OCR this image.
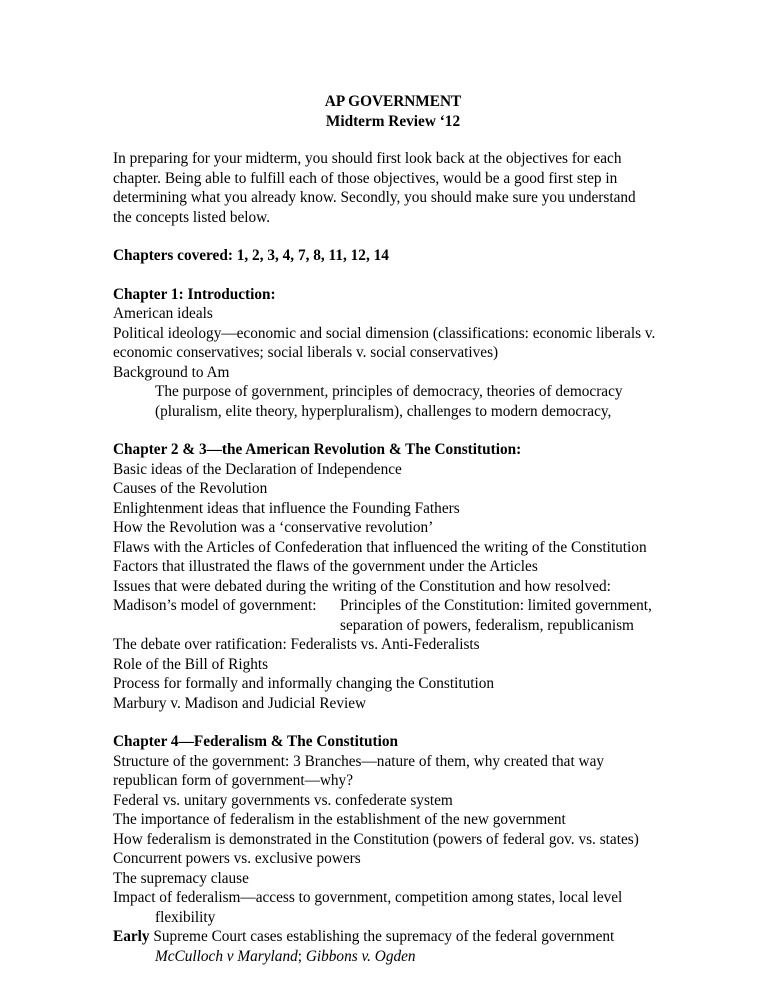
AP GOVERNMENT

Midterm Review ‘12

In preparing for your midterm, you should first look back at the objectives for each

chapter. Being able to fulfill each of those objectives, would be a good first step in

determining what you already know. Secondly, you should make sure you understand

the concepts listed below.

Chapters covered: 1, 2, 3, 4, 7, 8, 11, 12, 14

Chapter 1: Introduction:

American ideals

Political ideology—economic and social dimension (classifications: economic liberals v.

economic conservatives; social liberals v. social conservatives)

Background to Am

The purpose of government, principles of democracy, theories of democracy

(pluralism, elite theory, hyperpluralism), challenges to modern democracy,

Chapter 2 & 3—the American Revolution & The Constitution:

Basic ideas of the Declaration of Independence

Causes of the Revolution

Enlightenment ideas that influence the Founding Fathers

How the Revolution was a ‘conservative revolution’

Flaws with the Articles of Confederation that influenced the writing of the Constitution

Factors that illustrated the flaws of the government under the Articles

Issues that were debated during the writing of the Constitution and how resolved:

Madison’s model of government:	Principles of the Constitution: limited government,

separation of powers, federalism, republicanism

The debate over ratification: Federalists vs. Anti-Federalists

Role of the Bill of Rights

Process for formally and informally changing the Constitution

Marbury v. Madison and Judicial Review

Chapter 4—Federalism & The Constitution

Structure of the government: 3 Branches—nature of them, why created that way

republican form of government—why?

Federal vs. unitary governments vs. confederate system

The importance of federalism in the establishment of the new government

How federalism is demonstrated in the Constitution (powers of federal gov. vs. states)

Concurrent powers vs. exclusive powers

The supremacy clause

Impact of federalism—access to government, competition among states, local level

flexibility

Early Supreme Court cases establishing the supremacy of the federal government

McCulloch v Maryland; Gibbons v. Ogden
